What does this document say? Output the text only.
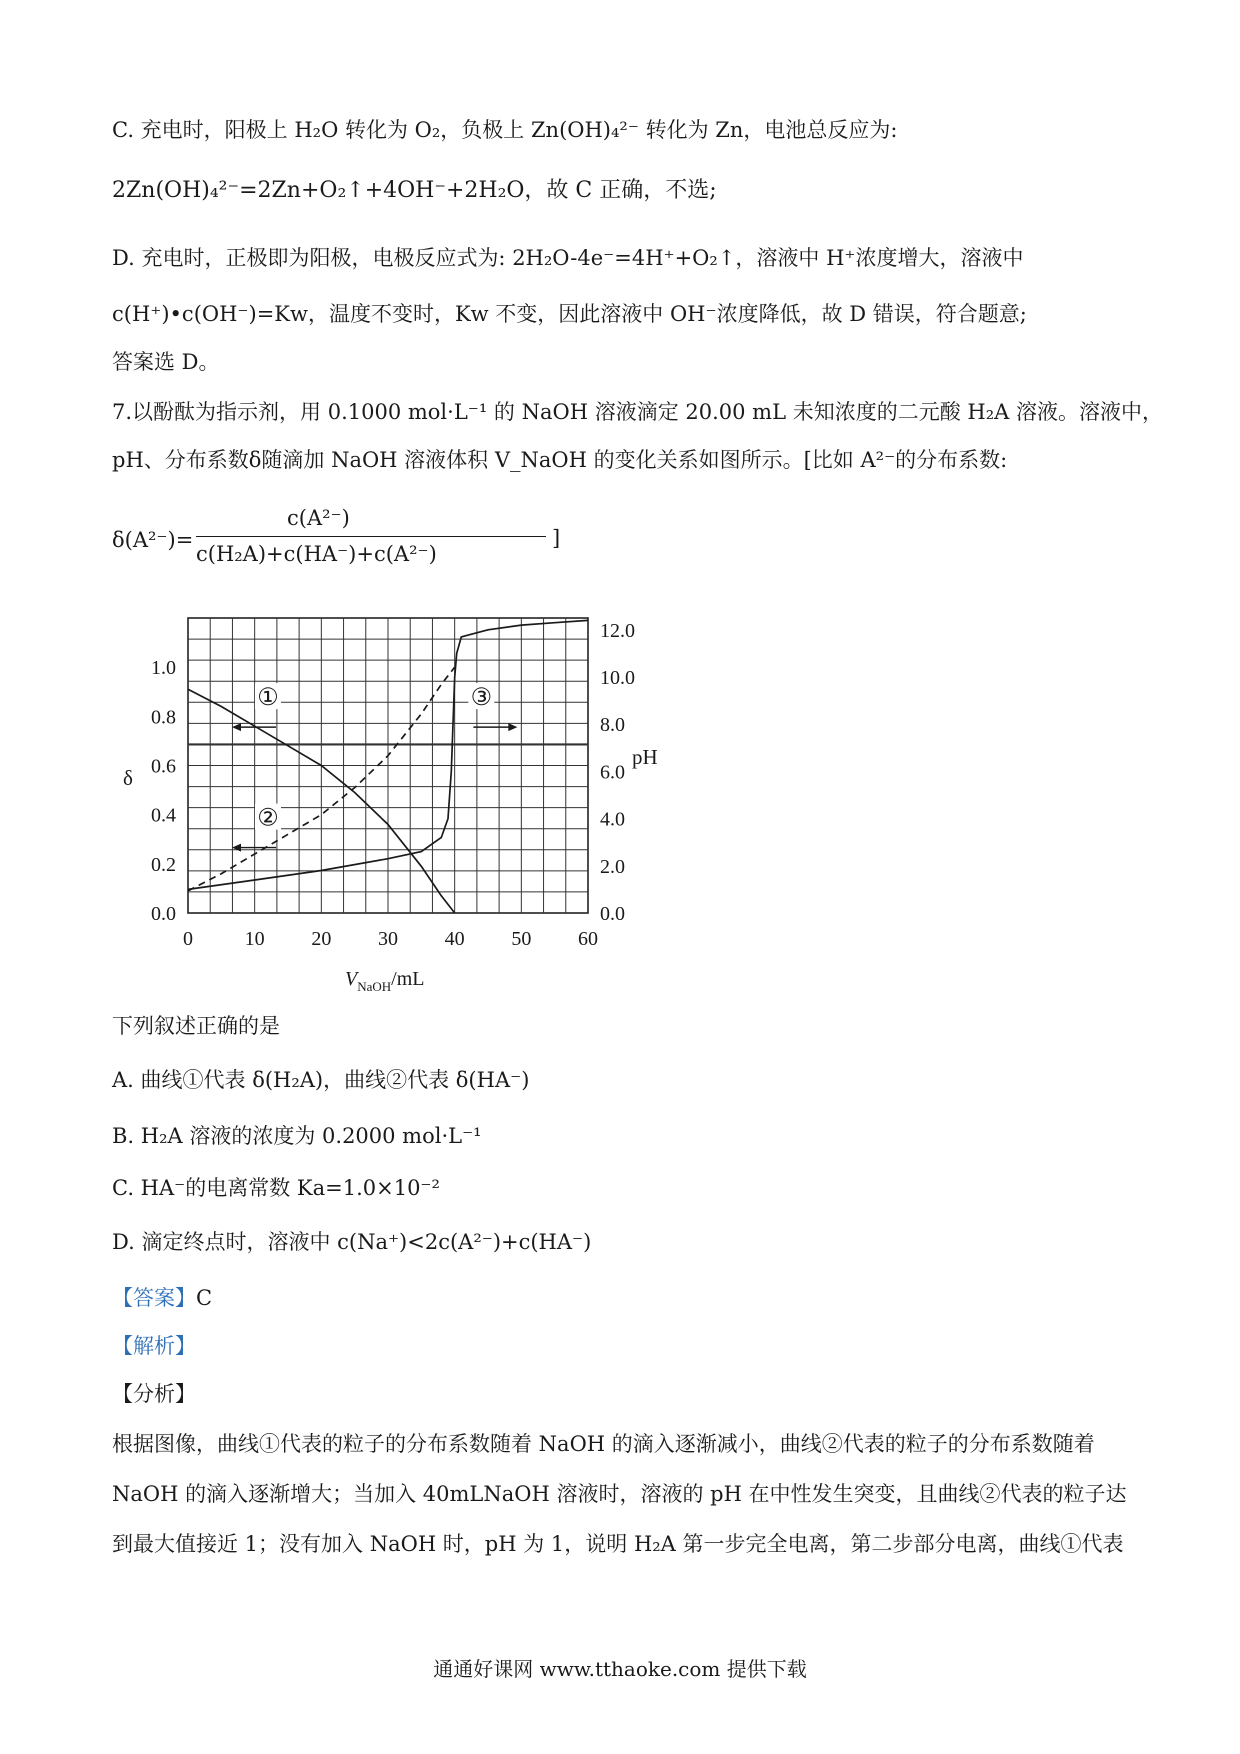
C. 充电时，阳极上 H₂O 转化为 O₂，负极上 Zn(OH)₄²⁻ 转化为 Zn，电池总反应为:
2Zn(OH)₄²⁻=2Zn+O₂↑+4OH⁻+2H₂O，故 C 正确，不选;
D. 充电时，正极即为阳极，电极反应式为: 2H₂O-4e⁻=4H⁺+O₂↑，溶液中 H⁺浓度增大，溶液中
c(H⁺)•c(OH⁻)=Kw，温度不变时，Kw 不变，因此溶液中 OH⁻浓度降低，故 D 错误，符合题意;
答案选 D。
7.以酚酞为指示剂，用 0.1000 mol·L⁻¹ 的 NaOH 溶液滴定 20.00 mL 未知浓度的二元酸 H₂A 溶液。溶液中，
pH、分布系数δ随滴加 NaOH 溶液体积 V_NaOH 的变化关系如图所示。[比如 A²⁻的分布系数:
δ(A²⁻)=
c(A²⁻)
c(H₂A)+c(HA⁻)+c(A²⁻)
]
0	10 20 30 40 50 60
0.0
0.2
0.4
0.6
0.8
1.0
0.0
2.0
4.0
6.0
8.0
10.0
12.0
①
②
③
δ
pH
$V_{NaOH}/mL$
下列叙述正确的是
A. 曲线①代表 δ(H₂A)，曲线②代表 δ(HA⁻)
B. H₂A 溶液的浓度为 0.2000 mol·L⁻¹
C. HA⁻的电离常数 Ka=1.0×10⁻²
D. 滴定终点时，溶液中 c(Na⁺)<2c(A²⁻)+c(HA⁻)
【答案】C
【解析】
【分析】
根据图像，曲线①代表的粒子的分布系数随着 NaOH 的滴入逐渐减小，曲线②代表的粒子的分布系数随着
NaOH 的滴入逐渐增大；当加入 40mLNaOH 溶液时，溶液的 pH 在中性发生突变，且曲线②代表的粒子达
到最大值接近 1；没有加入 NaOH 时，pH 为 1，说明 H₂A 第一步完全电离，第二步部分电离，曲线①代表
通通好课网 www.tthaoke.com 提供下载
